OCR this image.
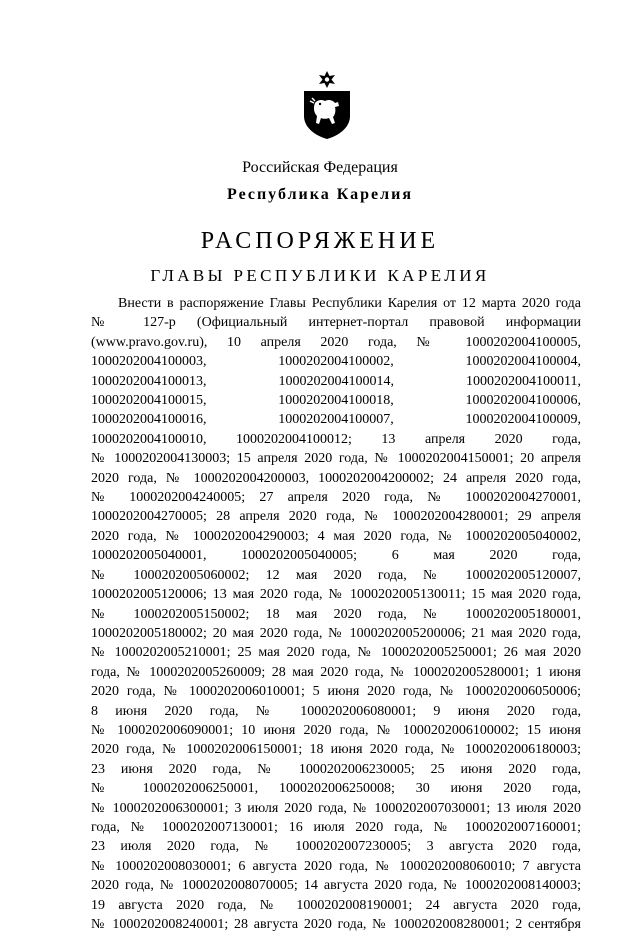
Российская Федерация
Республика Карелия
РАСПОРЯЖЕНИЕ
ГЛАВЫ РЕСПУБЛИКИ КАРЕЛИЯ
Внести в распоряжение Главы Республики Карелия от 12 марта 2020 года
№ 127-р (Официальный интернет-портал правовой информации
(www.pravo.gov.ru), 10 апреля 2020 года, № 1000202004100005,
1000202004100003, 1000202004100002, 1000202004100004,
1000202004100013, 1000202004100014, 1000202004100011,
1000202004100015, 1000202004100018, 1000202004100006,
1000202004100016, 1000202004100007, 1000202004100009,
1000202004100010, 1000202004100012; 13 апреля 2020 года,
№ 1000202004130003; 15 апреля 2020 года, № 1000202004150001; 20 апреля
2020 года, № 1000202004200003, 1000202004200002; 24 апреля 2020 года,
№ 1000202004240005; 27 апреля 2020 года, № 1000202004270001,
1000202004270005; 28 апреля 2020 года, № 1000202004280001; 29 апреля
2020 года, № 1000202004290003; 4 мая 2020 года, № 1000202005040002,
1000202005040001, 1000202005040005; 6 мая 2020 года,
№ 1000202005060002; 12 мая 2020 года, № 1000202005120007,
1000202005120006; 13 мая 2020 года, № 1000202005130011; 15 мая 2020 года,
№ 1000202005150002; 18 мая 2020 года, № 1000202005180001,
1000202005180002; 20 мая 2020 года, № 1000202005200006; 21 мая 2020 года,
№ 1000202005210001; 25 мая 2020 года, № 1000202005250001; 26 мая 2020
года, № 1000202005260009; 28 мая 2020 года, № 1000202005280001; 1 июня
2020 года, № 1000202006010001; 5 июня 2020 года, № 1000202006050006;
8 июня 2020 года, № 1000202006080001; 9 июня 2020 года,
№ 1000202006090001; 10 июня 2020 года, № 1000202006100002; 15 июня
2020 года, № 1000202006150001; 18 июня 2020 года, № 1000202006180003;
23 июня 2020 года, № 1000202006230005; 25 июня 2020 года,
№ 1000202006250001, 1000202006250008; 30 июня 2020 года,
№ 1000202006300001; 3 июля 2020 года, № 1000202007030001; 13 июля 2020
года, № 1000202007130001; 16 июля 2020 года, № 1000202007160001;
23 июля 2020 года, № 1000202007230005; 3 августа 2020 года,
№ 1000202008030001; 6 августа 2020 года, № 1000202008060010; 7 августа
2020 года, № 1000202008070005; 14 августа 2020 года, № 1000202008140003;
19 августа 2020 года, № 1000202008190001; 24 августа 2020 года,
№ 1000202008240001; 28 августа 2020 года, № 1000202008280001; 2 сентября
